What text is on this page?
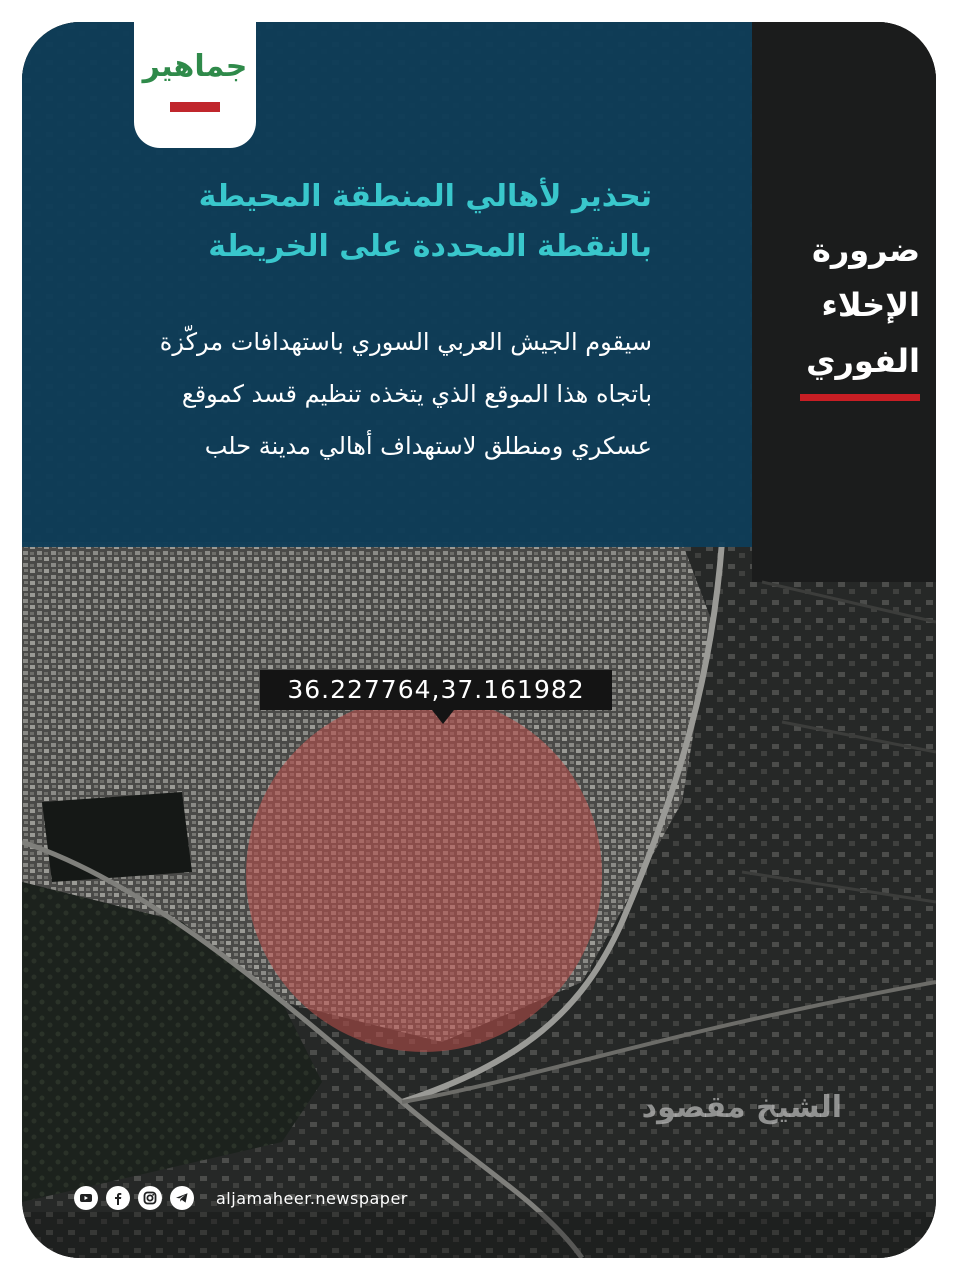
جماهير
تحذير لأهالي المنطقة المحيطة
بالنقطة المحددة على الخريطة
سيقوم الجيش العربي السوري باستهدافات مركّزة
باتجاه هذا الموقع الذي يتخذه تنظيم قسد كموقع
عسكري ومنطلق لاستهداف أهالي مدينة حلب
ضرورة
الإخلاء
الفوري
36.227764,37.161982
الشيخ مقصود
aljamaheer.newspaper
